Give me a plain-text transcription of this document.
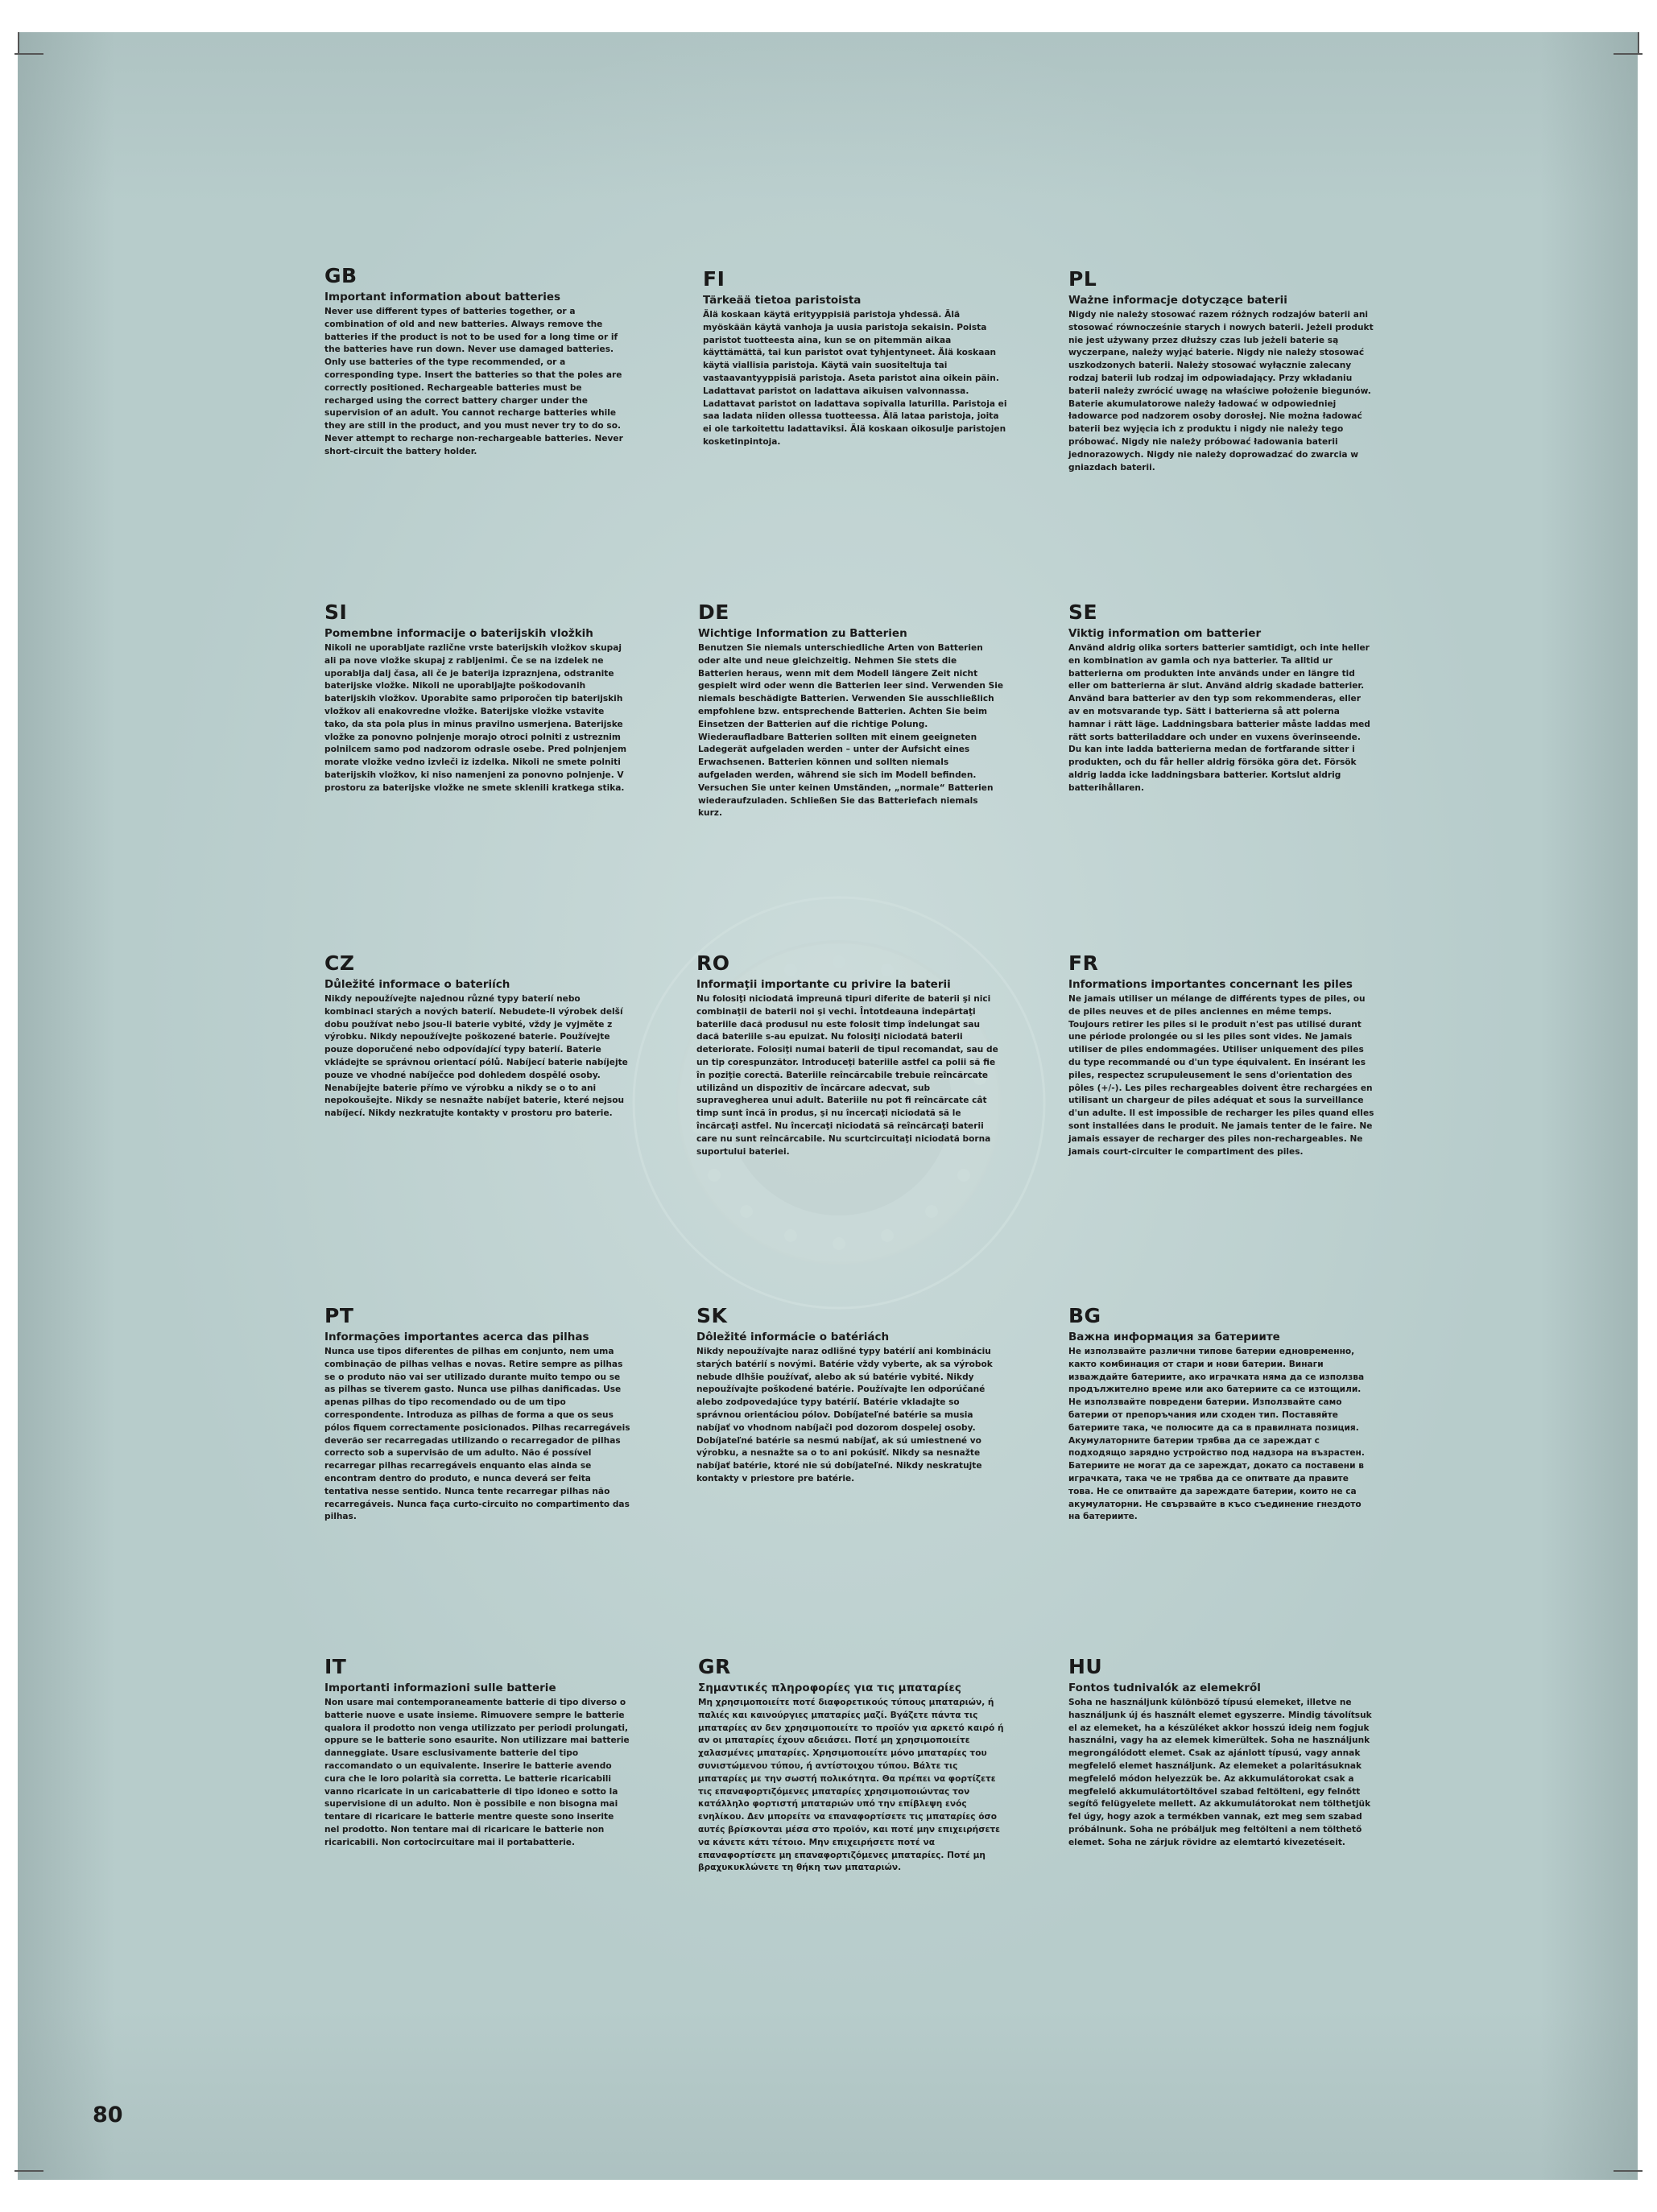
GB
Important information about batteries

Never use different types of batteries together, or a combination of old and new batteries. Always remove the batteries if the product is not to be used for a long time or if the batteries have run down. Never use damaged batteries. Only use batteries of the type recommended, or a corresponding type. Insert the batteries so that the poles are correctly positioned. Rechargeable batteries must be recharged using the correct battery charger under the supervision of an adult. You cannot recharge batteries while they are still in the product, and you must never try to do so. Never attempt to recharge non-rechargeable batteries. Never short-circuit the battery holder.

FI
Tärkeää tietoa paristoista

Älä koskaan käytä erityyppisiä paristoja yhdessä. Älä myöskään käytä vanhoja ja uusia paristoja sekaisin. Poista paristot tuotteesta aina, kun se on pitemmän aikaa käyttämättä, tai kun paristot ovat tyhjentyneet. Älä koskaan käytä viallisia paristoja. Käytä vain suositeltuja tai vastaavantyyppisiä paristoja. Aseta paristot aina oikein päin. Ladattavat paristot on ladattava aikuisen valvonnassa. Ladattavat paristot on ladattava sopivalla laturilla. Paristoja ei saa ladata niiden ollessa tuotteessa. Älä lataa paristoja, joita ei ole tarkoitettu ladattaviksi. Älä koskaan oikosulje paristojen kosketinpintoja.

PL
Ważne informacje dotyczące baterii

Nigdy nie należy stosować razem różnych rodzajów baterii ani stosować równocześnie starych i nowych baterii. Jeżeli produkt nie jest używany przez dłuższy czas lub jeżeli baterie są wyczerpane, należy wyjąć baterie. Nigdy nie należy stosować uszkodzonych baterii. Należy stosować wyłącznie zalecany rodzaj baterii lub rodzaj im odpowiadający. Przy wkładaniu baterii należy zwrócić uwagę na właściwe położenie biegunów. Baterie akumulatorowe należy ładować w odpowiedniej ładowarce pod nadzorem osoby dorosłej. Nie można ładować baterii bez wyjęcia ich z produktu i nigdy nie należy tego próbować. Nigdy nie należy próbować ładowania baterii jednorazowych. Nigdy nie należy doprowadzać do zwarcia w gniazdach baterii.

SI
Pomembne informacije o baterijskih vložkih

Nikoli ne uporabljate različne vrste baterijskih vložkov skupaj ali pa nove vložke skupaj z rabljenimi. Če se na izdelek ne uporablja dalj časa, ali če je baterija izpraznjena, odstranite baterijske vložke. Nikoli ne uporabljajte poškodovanih baterijskih vložkov. Uporabite samo priporočen tip baterijskih vložkov ali enakovredne vložke. Baterijske vložke vstavite tako, da sta pola plus in minus pravilno usmerjena. Baterijske vložke za ponovno polnjenje morajo otroci polniti z ustreznim polnilcem samo pod nadzorom odrasle osebe. Pred polnjenjem morate vložke vedno izvleči iz izdelka. Nikoli ne smete polniti baterijskih vložkov, ki niso namenjeni za ponovno polnjenje. V prostoru za baterijske vložke ne smete sklenili kratkega stika.

DE
Wichtige Information zu Batterien

Benutzen Sie niemals unterschiedliche Arten von Batterien oder alte und neue gleichzeitig. Nehmen Sie stets die Batterien heraus, wenn mit dem Modell längere Zeit nicht gespielt wird oder wenn die Batterien leer sind. Verwenden Sie niemals beschädigte Batterien. Verwenden Sie ausschließlich empfohlene bzw. entsprechende Batterien. Achten Sie beim Einsetzen der Batterien auf die richtige Polung. Wiederaufladbare Batterien sollten mit einem geeigneten Ladegerät aufgeladen werden – unter der Aufsicht eines Erwachsenen. Batterien können und sollten niemals aufgeladen werden, während sie sich im Modell befinden. Versuchen Sie unter keinen Umständen, „normale“ Batterien wiederaufzuladen. Schließen Sie das Batteriefach niemals kurz.

SE
Viktig information om batterier

Använd aldrig olika sorters batterier samtidigt, och inte heller en kombination av gamla och nya batterier. Ta alltid ur batterierna om produkten inte används under en längre tid eller om batterierna är slut. Använd aldrig skadade batterier. Använd bara batterier av den typ som rekommenderas, eller av en motsvarande typ. Sätt i batterierna så att polerna hamnar i rätt läge. Laddningsbara batterier måste laddas med rätt sorts batteriladdare och under en vuxens överinseende. Du kan inte ladda batterierna medan de fortfarande sitter i produkten, och du får heller aldrig försöka göra det. Försök aldrig ladda icke laddningsbara batterier. Kortslut aldrig batterihållaren.

CZ
Důležité informace o bateriích

Nikdy nepoužívejte najednou různé typy baterií nebo kombinaci starých a nových baterií. Nebudete-li výrobek delší dobu používat nebo jsou-li baterie vybité, vždy je vyjměte z výrobku. Nikdy nepoužívejte poškozené baterie. Používejte pouze doporučené nebo odpovídající typy baterií. Baterie vkládejte se správnou orientací pólů. Nabíjecí baterie nabíjejte pouze ve vhodné nabíječce pod dohledem dospělé osoby. Nenabíjejte baterie přímo ve výrobku a nikdy se o to ani nepokoušejte. Nikdy se nesnažte nabíjet baterie, které nejsou nabíjecí. Nikdy nezkratujte kontakty v prostoru pro baterie.

RO
Informaţii importante cu privire la baterii

Nu folosiţi niciodată împreună tipuri diferite de baterii şi nici combinaţii de baterii noi şi vechi. Întotdeauna îndepărtaţi bateriile dacă produsul nu este folosit timp îndelungat sau dacă bateriile s-au epuizat. Nu folosiţi niciodată baterii deteriorate. Folosiţi numai baterii de tipul recomandat, sau de un tip corespunzător. Introduceţi bateriile astfel ca polii să fie în poziţie corectă. Bateriile reîncărcabile trebuie reîncărcate utilizând un dispozitiv de încărcare adecvat, sub supravegherea unui adult. Bateriile nu pot fi reîncărcate cât timp sunt încă în produs, şi nu încercaţi niciodată să le încărcaţi astfel. Nu încercaţi niciodată să reîncărcaţi baterii care nu sunt reîncărcabile. Nu scurtcircuitaţi niciodată borna suportului bateriei.

FR
Informations importantes concernant les piles

Ne jamais utiliser un mélange de différents types de piles, ou de piles neuves et de piles anciennes en même temps. Toujours retirer les piles si le produit n'est pas utilisé durant une période prolongée ou si les piles sont vides. Ne jamais utiliser de piles endommagées. Utiliser uniquement des piles du type recommandé ou d'un type équivalent. En insérant les piles, respectez scrupuleusement le sens d'orientation des pôles (+/-). Les piles rechargeables doivent être rechargées en utilisant un chargeur de piles adéquat et sous la surveillance d'un adulte. Il est impossible de recharger les piles quand elles sont installées dans le produit. Ne jamais tenter de le faire. Ne jamais essayer de recharger des piles non-rechargeables. Ne jamais court-circuiter le compartiment des piles.

PT
Informações importantes acerca das pilhas

Nunca use tipos diferentes de pilhas em conjunto, nem uma combinação de pilhas velhas e novas. Retire sempre as pilhas se o produto não vai ser utilizado durante muito tempo ou se as pilhas se tiverem gasto. Nunca use pilhas danificadas. Use apenas pilhas do tipo recomendado ou de um tipo correspondente. Introduza as pilhas de forma a que os seus pólos fiquem correctamente posicionados. Pilhas recarregáveis deverão ser recarregadas utilizando o recarregador de pilhas correcto sob a supervisão de um adulto. Não é possível recarregar pilhas recarregáveis enquanto elas ainda se encontram dentro do produto, e nunca deverá ser feita tentativa nesse sentido. Nunca tente recarregar pilhas não recarregáveis. Nunca faça curto-circuito no compartimento das pilhas.

SK
Dôležité informácie o batériách

Nikdy nepoužívajte naraz odlišné typy batérií ani kombináciu starých batérií s novými. Batérie vždy vyberte, ak sa výrobok nebude dlhšie používať, alebo ak sú batérie vybité. Nikdy nepoužívajte poškodené batérie. Používajte len odporúčané alebo zodpovedajúce typy batérií. Batérie vkladajte so správnou orientáciou pólov. Dobíjateľné batérie sa musia nabíjať vo vhodnom nabíjači pod dozorom dospelej osoby. Dobíjateľné batérie sa nesmú nabíjať, ak sú umiestnené vo výrobku, a nesnažte sa o to ani pokúsiť. Nikdy sa nesnažte nabíjať batérie, ktoré nie sú dobíjateľné. Nikdy neskratujte kontakty v priestore pre batérie.

BG
Важна информация за батериите

Не използвайте различни типове батерии едновременно, както комбинация от стари и нови батерии. Винаги изваждайте батериите, ако играчката няма да се използва продължително време или ако батериите са се изтощили. Не използвайте повредени батерии. Използвайте само батерии от препоръчания или сходен тип. Поставяйте батериите така, че полюсите да са в правилната позиция. Акумулаторните батерии трябва да се зареждат с подходящо зарядно устройство под надзора на възрастен. Батериите не могат да се зареждат, докато са поставени в играчката, така че не трябва да се опитвате да правите това. Не се опитвайте да зареждате батерии, които не са акумулаторни. Не свързвайте в късо съединение гнездото на батериите.

IT
Importanti informazioni sulle batterie

Non usare mai contemporaneamente batterie di tipo diverso o batterie nuove e usate insieme. Rimuovere sempre le batterie qualora il prodotto non venga utilizzato per periodi prolungati, oppure se le batterie sono esaurite. Non utilizzare mai batterie danneggiate. Usare esclusivamente batterie del tipo raccomandato o un equivalente. Inserire le batterie avendo cura che le loro polarità sia corretta. Le batterie ricaricabili vanno ricaricate in un caricabatterie di tipo idoneo e sotto la supervisione di un adulto. Non è possibile e non bisogna mai tentare di ricaricare le batterie mentre queste sono inserite nel prodotto. Non tentare mai di ricaricare le batterie non ricaricabili. Non cortocircuitare mai il portabatterie.

GR
Σημαντικές πληροφορίες για τις μπαταρίες

Μη χρησιμοποιείτε ποτέ διαφορετικούς τύπους μπαταριών, ή παλιές και καινούργιες μπαταρίες μαζί. Βγάζετε πάντα τις μπαταρίες αν δεν χρησιμοποιείτε το προϊόν για αρκετό καιρό ή αν οι μπαταρίες έχουν αδειάσει. Ποτέ μη χρησιμοποιείτε χαλασμένες μπαταρίες. Χρησιμοποιείτε μόνο μπαταρίες του συνιστώμενου τύπου, ή αντίστοιχου τύπου. Βάλτε τις μπαταρίες με την σωστή πολικότητα. Θα πρέπει να φορτίζετε τις επαναφορτιζόμενες μπαταρίες χρησιμοποιώντας τον κατάλληλο φορτιστή μπαταριών υπό την επίβλεψη ενός ενηλίκου. Δεν μπορείτε να επαναφορτίσετε τις μπαταρίες όσο αυτές βρίσκονται μέσα στο προϊόν, και ποτέ μην επιχειρήσετε να κάνετε κάτι τέτοιο. Μην επιχειρήσετε ποτέ να επαναφορτίσετε μη επαναφορτιζόμενες μπαταρίες. Ποτέ μη βραχυκυκλώνετε τη θήκη των μπαταριών.

HU
Fontos tudnivalók az elemekről

Soha ne használjunk különböző típusú elemeket, illetve ne használjunk új és használt elemet egyszerre. Mindig távolítsuk el az elemeket, ha a készüléket akkor hosszú ideig nem fogjuk használni, vagy ha az elemek kimerültek. Soha ne használjunk megrongálódott elemet. Csak az ajánlott típusú, vagy annak megfelelő elemet használjunk. Az elemeket a polaritásuknak megfelelő módon helyezzük be. Az akkumulátorokat csak a megfelelő akkumulátortöltővel szabad feltölteni, egy felnőtt segítő felügyelete mellett. Az akkumulátorokat nem tölthetjük fel úgy, hogy azok a termékben vannak, ezt meg sem szabad próbálnunk. Soha ne próbáljuk meg feltölteni a nem tölthető elemet. Soha ne zárjuk rövidre az elemtartó kivezetéseit.

80
